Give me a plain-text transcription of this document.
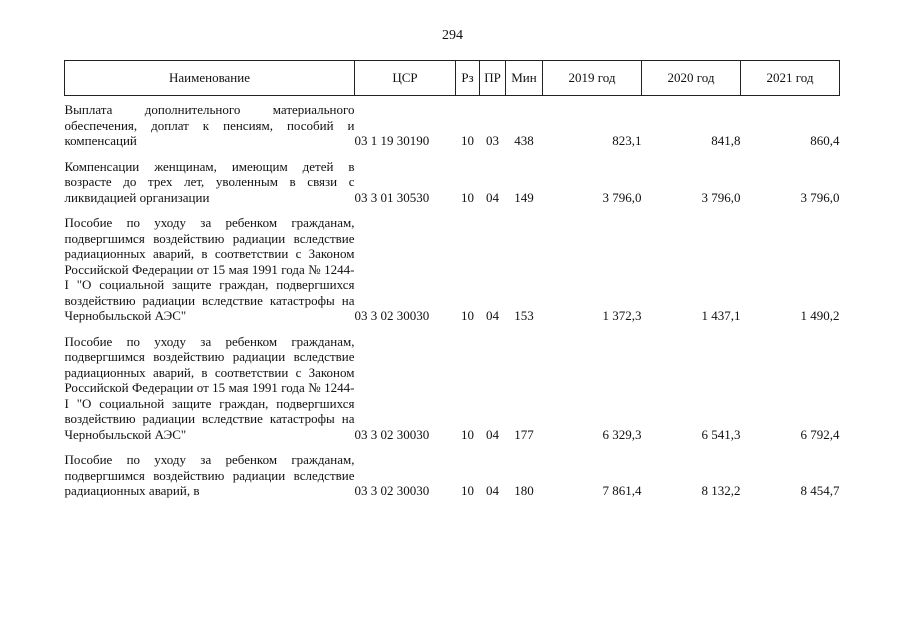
294
Наименование	ЦСР	Рз	ПР	Мин	2019 год	2020 год	2021 год

Выплата дополнительного материального обеспечения, доплат к пенсиям, пособий и компенсаций	03 1 19 30190	10	03	438	823,1	841,8	860,4

Компенсации женщинам, имеющим детей в возрасте до трех лет, уволенным в связи с ликвидацией организации	03 3 01 30530	10	04	149	3 796,0	3 796,0	3 796,0

Пособие по уходу за ребенком гражданам, подвергшимся воздействию радиации вследствие радиационных аварий, в соответствии с Законом Российской Федерации от 15 мая 1991 года № 1244-I "О социальной защите граждан, подвергшихся воздействию радиации вследствие катастрофы на Чернобыльской АЭС"	03 3 02 30030	10	04	153	1 372,3	1 437,1	1 490,2

Пособие по уходу за ребенком гражданам, подвергшимся воздействию радиации вследствие радиационных аварий, в соответствии с Законом Российской Федерации от 15 мая 1991 года № 1244-I "О социальной защите граждан, подвергшихся воздействию радиации вследствие катастрофы на Чернобыльской АЭС"	03 3 02 30030	10	04	177	6 329,3	6 541,3	6 792,4

Пособие по уходу за ребенком гражданам, подвергшимся воздействию радиации вследствие радиационных аварий, в	03 3 02 30030	10	04	180	7 861,4	8 132,2	8 454,7
